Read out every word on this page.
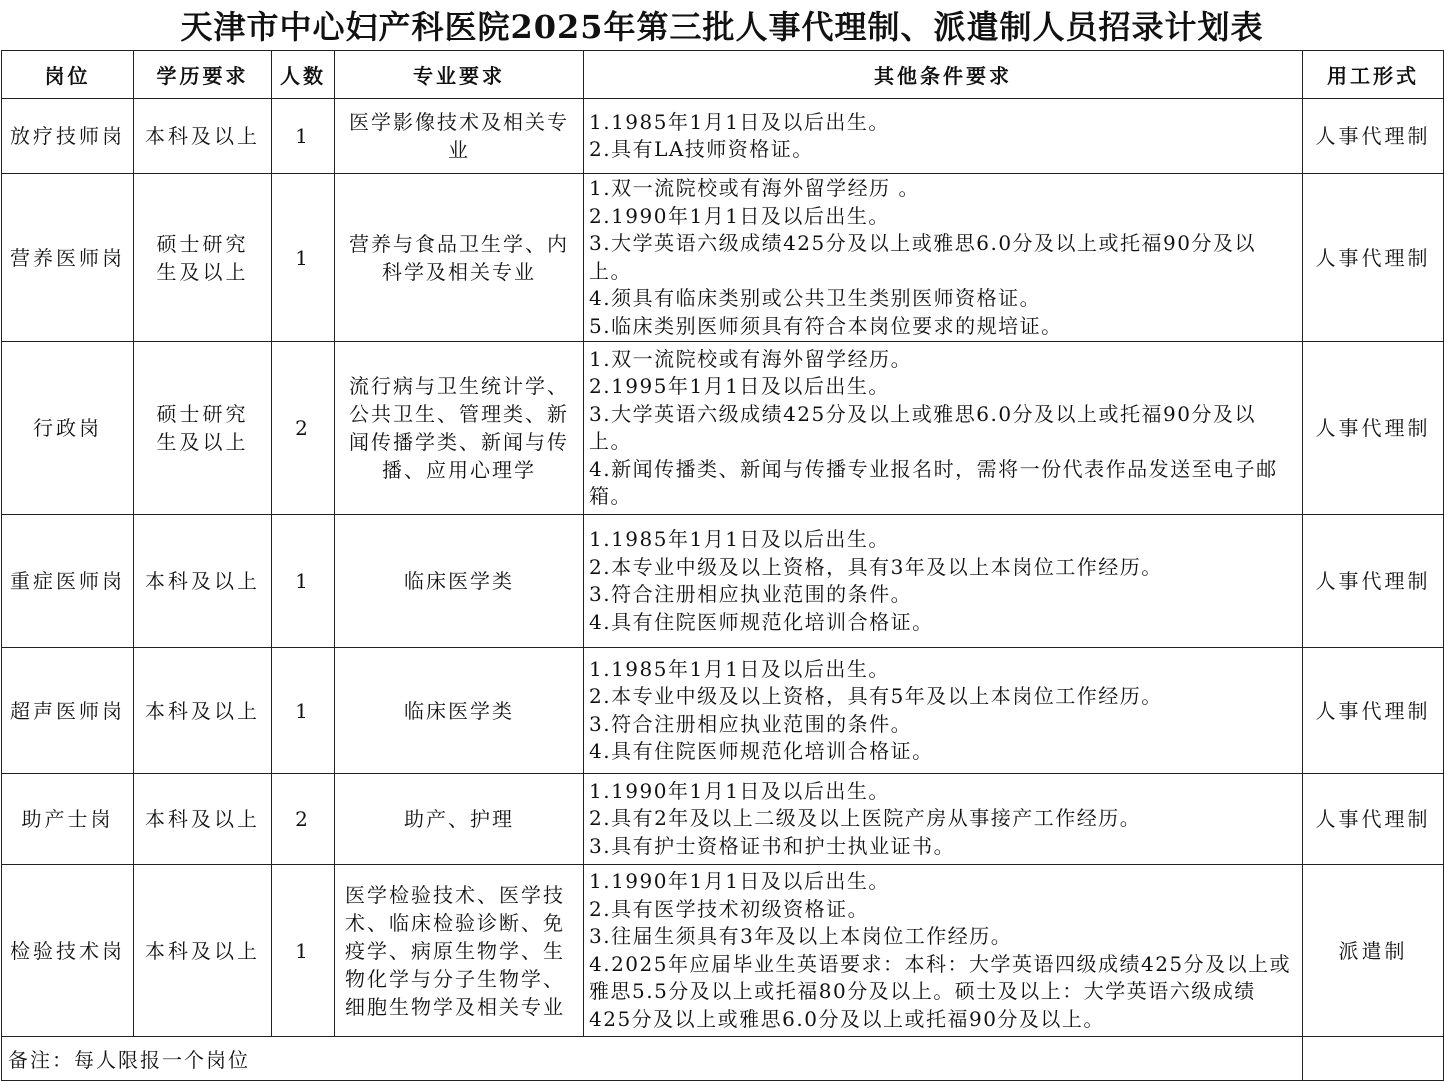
天津市中心妇产科医院2025年第三批人事代理制、派遣制人员招录计划表
岗位	学历要求	人数	专业要求	其他条件要求	用工形式
放疗技师岗	本科及以上	1	医学影像技术及相关专业	1.1985年1月1日及以后出生。
2.具有LA技师资格证。	人事代理制
营养医师岗	硕士研究生及以上	1	营养与食品卫生学、内科学及相关专业	1.双一流院校或有海外留学经历 。
2.1990年1月1日及以后出生。
3.大学英语六级成绩425分及以上或雅思6.0分及以上或托福90分及以上。
4.须具有临床类别或公共卫生类别医师资格证。
5.临床类别医师须具有符合本岗位要求的规培证。	人事代理制
行政岗	硕士研究生及以上	2	流行病与卫生统计学、公共卫生、管理类、新闻传播学类、新闻与传播、应用心理学	1.双一流院校或有海外留学经历。
2.1995年1月1日及以后出生。
3.大学英语六级成绩425分及以上或雅思6.0分及以上或托福90分及以上。
4.新闻传播类、新闻与传播专业报名时，需将一份代表作品发送至电子邮箱。	人事代理制
重症医师岗	本科及以上	1	临床医学类	1.1985年1月1日及以后出生。
2.本专业中级及以上资格，具有3年及以上本岗位工作经历。
3.符合注册相应执业范围的条件。
4.具有住院医师规范化培训合格证。	人事代理制
超声医师岗	本科及以上	1	临床医学类	1.1985年1月1日及以后出生。
2.本专业中级及以上资格，具有5年及以上本岗位工作经历。
3.符合注册相应执业范围的条件。
4.具有住院医师规范化培训合格证。	人事代理制
助产士岗	本科及以上	2	助产、护理	1.1990年1月1日及以后出生。
2.具有2年及以上二级及以上医院产房从事接产工作经历。
3.具有护士资格证书和护士执业证书。	人事代理制
检验技术岗	本科及以上	1	医学检验技术、医学技术、临床检验诊断、免疫学、病原生物学、生物化学与分子生物学、细胞生物学及相关专业	1.1990年1月1日及以后出生。
2.具有医学技术初级资格证。
3.往届生须具有3年及以上本岗位工作经历。
4.2025年应届毕业生英语要求：本科：大学英语四级成绩425分及以上或雅思5.5分及以上或托福80分及以上。硕士及以上：大学英语六级成绩425分及以上或雅思6.0分及以上或托福90分及以上。	派遣制
备注：每人限报一个岗位					
